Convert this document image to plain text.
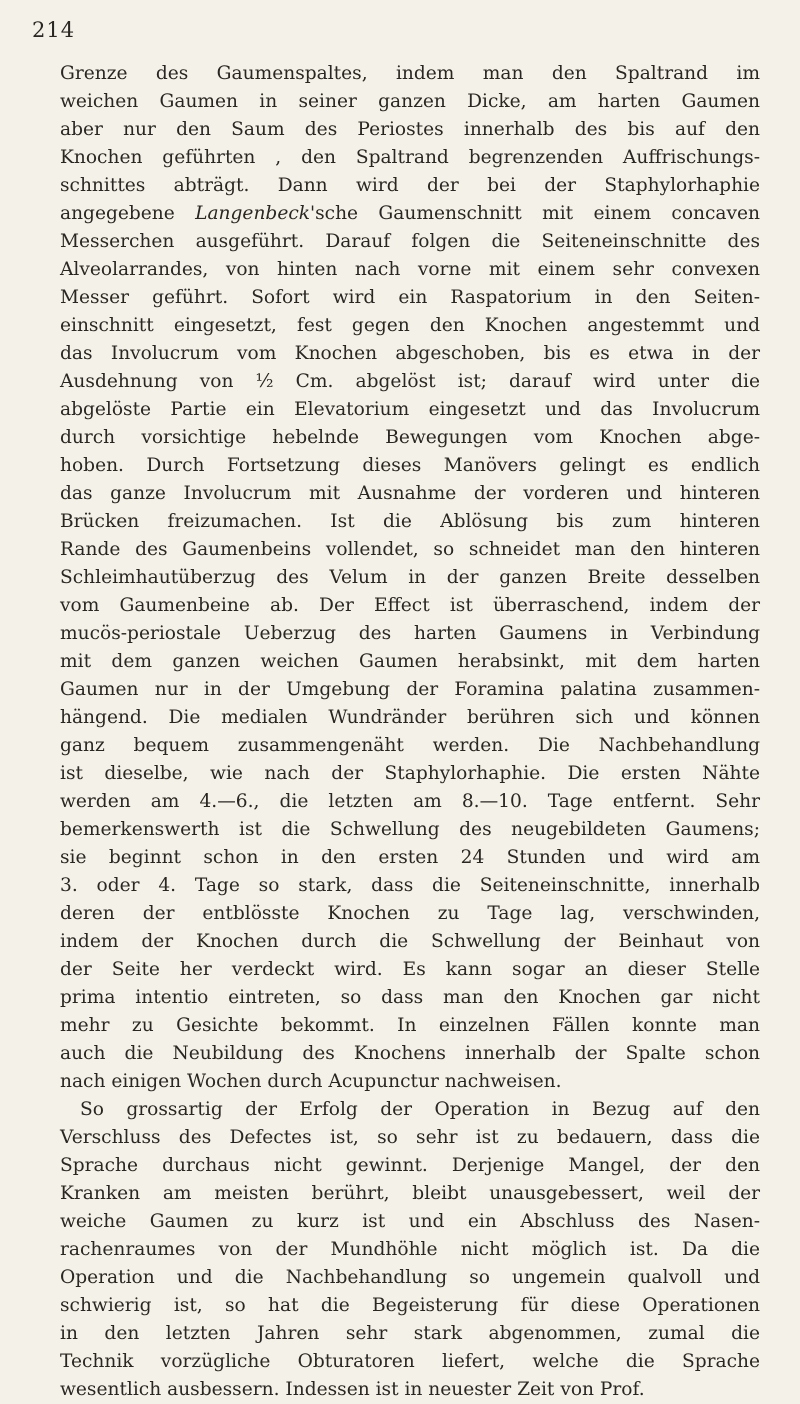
214
Grenze des Gaumenspaltes, indem man den Spaltrand im
weichen Gaumen in seiner ganzen Dicke, am harten Gaumen
aber nur den Saum des Periostes innerhalb des bis auf den
Knochen geführten , den Spaltrand begrenzenden Auffrischungs-
schnittes abträgt. Dann wird der bei der Staphylorhaphie
angegebene Langenbeck'sche Gaumenschnitt mit einem concaven
Messerchen ausgeführt. Darauf folgen die Seiteneinschnitte des
Alveolarrandes, von hinten nach vorne mit einem sehr convexen
Messer geführt. Sofort wird ein Raspatorium in den Seiten-
einschnitt eingesetzt, fest gegen den Knochen angestemmt und
das Involucrum vom Knochen abgeschoben, bis es etwa in der
Ausdehnung von ½ Cm. abgelöst ist; darauf wird unter die
abgelöste Partie ein Elevatorium eingesetzt und das Involucrum
durch vorsichtige hebelnde Bewegungen vom Knochen abge-
hoben. Durch Fortsetzung dieses Manövers gelingt es endlich
das ganze Involucrum mit Ausnahme der vorderen und hinteren
Brücken freizumachen. Ist die Ablösung bis zum hinteren
Rande des Gaumenbeins vollendet, so schneidet man den hinteren
Schleimhautüberzug des Velum in der ganzen Breite desselben
vom Gaumenbeine ab. Der Effect ist überraschend, indem der
mucös-periostale Ueberzug des harten Gaumens in Verbindung
mit dem ganzen weichen Gaumen herabsinkt, mit dem harten
Gaumen nur in der Umgebung der Foramina palatina zusammen-
hängend. Die medialen Wundränder berühren sich und können
ganz bequem zusammengenäht werden. Die Nachbehandlung
ist dieselbe, wie nach der Staphylorhaphie. Die ersten Nähte
werden am 4.—6., die letzten am 8.—10. Tage entfernt. Sehr
bemerkenswerth ist die Schwellung des neugebildeten Gaumens;
sie beginnt schon in den ersten 24 Stunden und wird am
3. oder 4. Tage so stark, dass die Seiteneinschnitte, innerhalb
deren der entblösste Knochen zu Tage lag, verschwinden,
indem der Knochen durch die Schwellung der Beinhaut von
der Seite her verdeckt wird. Es kann sogar an dieser Stelle
prima intentio eintreten, so dass man den Knochen gar nicht
mehr zu Gesichte bekommt. In einzelnen Fällen konnte man
auch die Neubildung des Knochens innerhalb der Spalte schon
nach einigen Wochen durch Acupunctur nachweisen.
So grossartig der Erfolg der Operation in Bezug auf den
Verschluss des Defectes ist, so sehr ist zu bedauern, dass die
Sprache durchaus nicht gewinnt. Derjenige Mangel, der den
Kranken am meisten berührt, bleibt unausgebessert, weil der
weiche Gaumen zu kurz ist und ein Abschluss des Nasen-
rachenraumes von der Mundhöhle nicht möglich ist. Da die
Operation und die Nachbehandlung so ungemein qualvoll und
schwierig ist, so hat die Begeisterung für diese Operationen
in den letzten Jahren sehr stark abgenommen, zumal die
Technik vorzügliche Obturatoren liefert, welche die Sprache
wesentlich ausbessern. Indessen ist in neuester Zeit von Prof.
